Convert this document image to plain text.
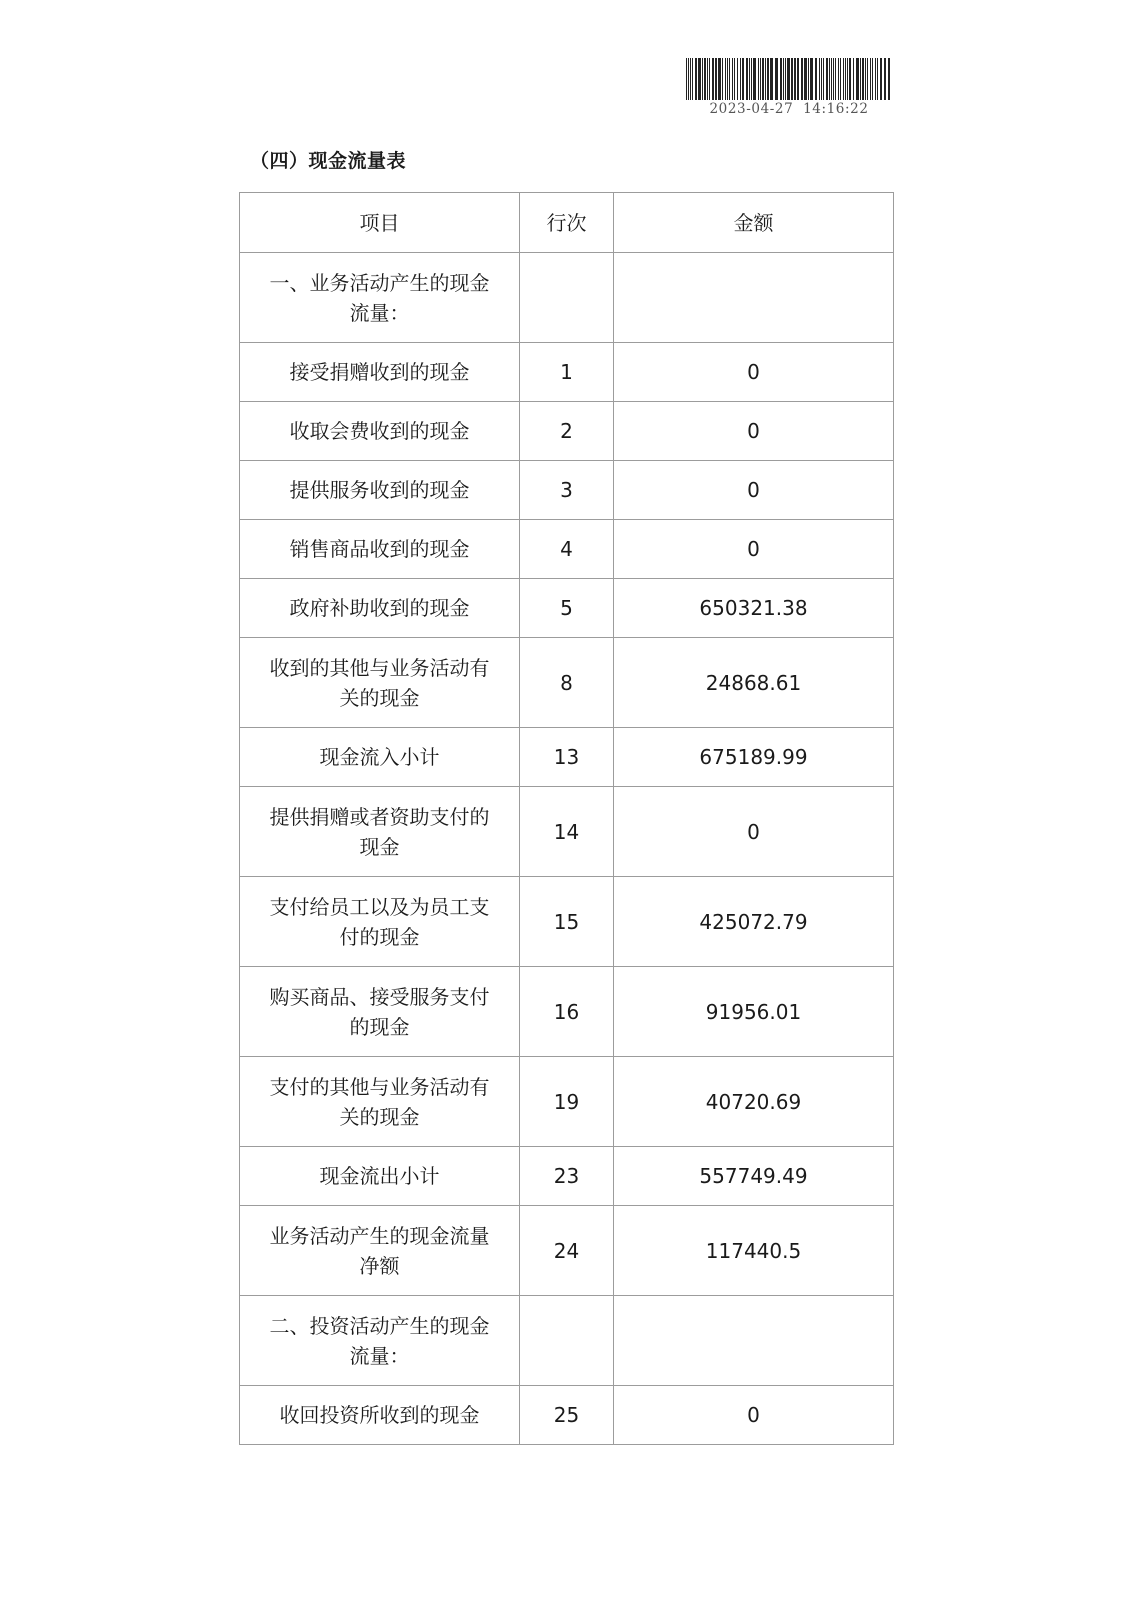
2023-04-27  14:16:22
（四）现金流量表
项目	行次	金额
一、业务活动产生的现金流量：		
接受捐赠收到的现金	1	0
收取会费收到的现金	2	0
提供服务收到的现金	3	0
销售商品收到的现金	4	0
政府补助收到的现金	5	650321.38
收到的其他与业务活动有关的现金	8	24868.61
现金流入小计	13	675189.99
提供捐赠或者资助支付的现金	14	0
支付给员工以及为员工支付的现金	15	425072.79
购买商品、接受服务支付的现金	16	91956.01
支付的其他与业务活动有关的现金	19	40720.69
现金流出小计	23	557749.49
业务活动产生的现金流量净额	24	117440.5
二、投资活动产生的现金流量：		
收回投资所收到的现金	25	0
